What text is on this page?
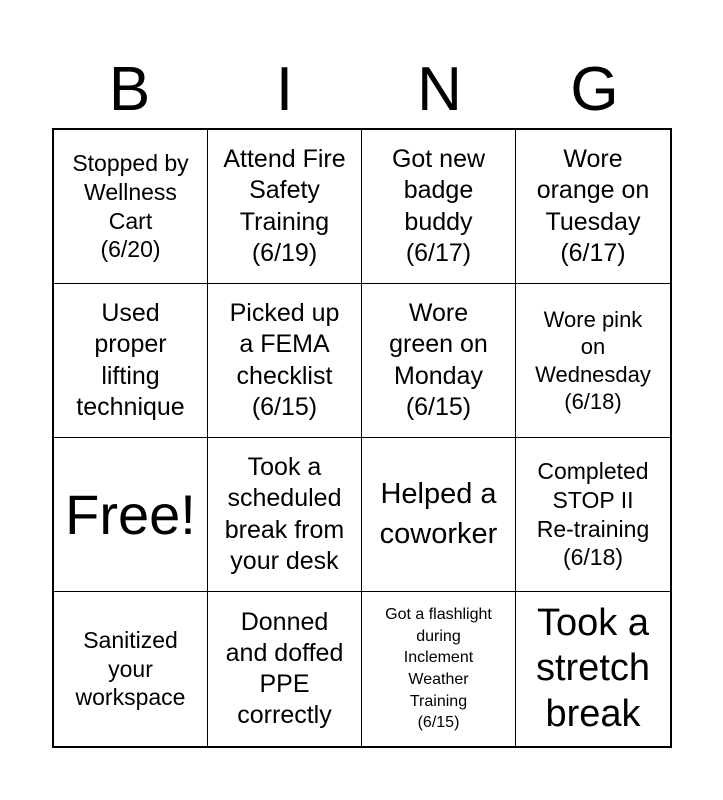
B	I	N	G
Stopped by
Wellness
Cart
(6/20)
Attend Fire
Safety
Training
(6/19)
Got new
badge
buddy
(6/17)
Wore
orange on
Tuesday
(6/17)
Used
proper
lifting
technique
Picked up
a FEMA
checklist
(6/15)
Wore
green on
Monday
(6/15)
Wore pink
on
Wednesday
(6/18)
Free!
Took a
scheduled
break from
your desk
Helped a
coworker
Completed
STOP II
Re-training
(6/18)
Sanitized
your
workspace
Donned
and doffed
PPE
correctly
Got a flashlight
during
Inclement
Weather
Training
(6/15)
Took a
stretch
break
